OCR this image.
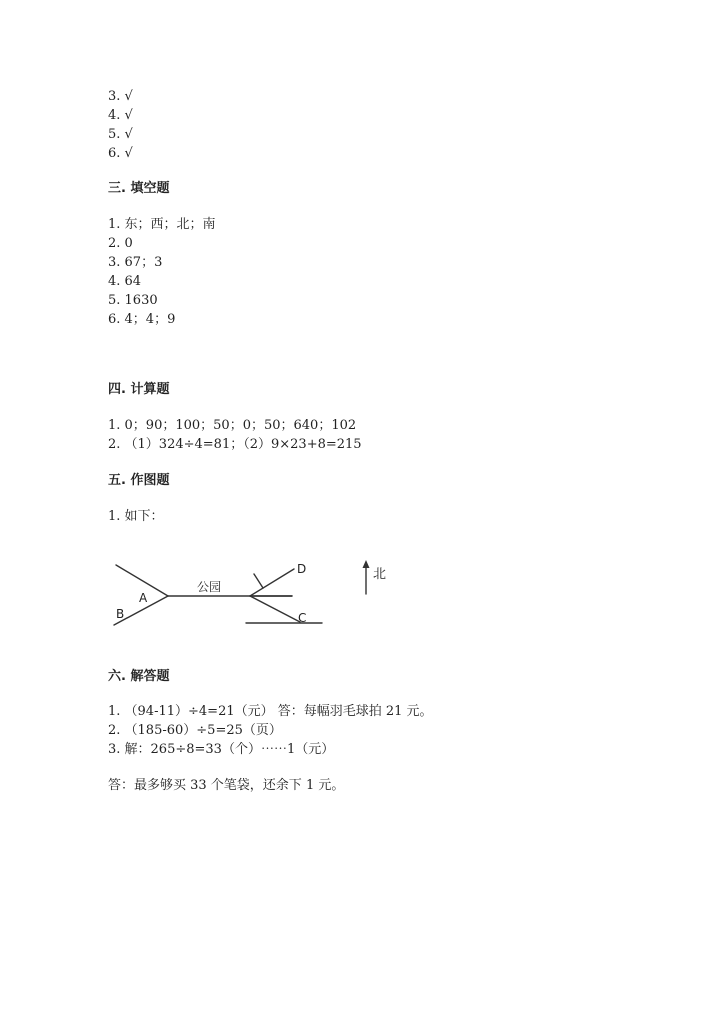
3. √
4. √
5. √
6. √
三. 填空题
1. 东；西；北；南
2. 0
3. 67；3
4. 64
5. 1630
6. 4；4；9
四. 计算题
1. 0；90；100；50；0；50；640；102
2. （1）324÷4=81；（2）9×23+8=215
五. 作图题
1. 如下：
公园
A
B
D
C
北
六. 解答题
1. （94-11）÷4=21（元） 答：每幅羽毛球拍 21 元。
2. （185-60）÷5=25（页）
3. 解：265÷8=33（个）⋯⋯1（元）
答：最多够买 33 个笔袋，还余下 1 元。
